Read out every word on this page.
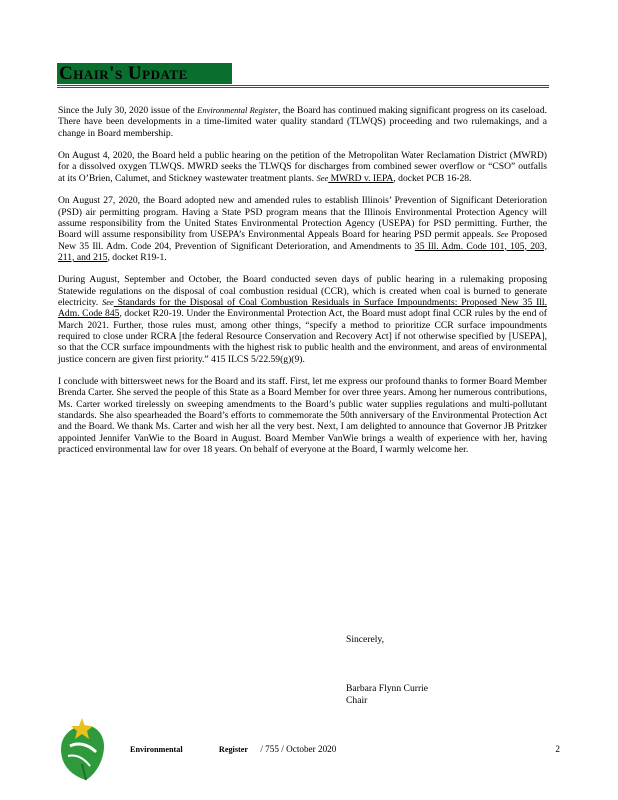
Chair's Update

Since the July 30, 2020 issue of the Environmental Register, the Board has continued making significant progress on its caseload. There have been developments in a time-limited water quality standard (TLWQS) proceeding and two rulemakings, and a change in Board membership.

On August 4, 2020, the Board held a public hearing on the petition of the Metropolitan Water Reclamation District (MWRD) for a dissolved oxygen TLWQS. MWRD seeks the TLWQS for discharges from combined sewer overflow or “CSO” outfalls at its O’Brien, Calumet, and Stickney wastewater treatment plants. See MWRD v. IEPA, docket PCB 16-28.

On August 27, 2020, the Board adopted new and amended rules to establish Illinois’ Prevention of Significant Deterioration (PSD) air permitting program. Having a State PSD program means that the Illinois Environmental Protection Agency will assume responsibility from the United States Environmental Protection Agency (USEPA) for PSD permitting. Further, the Board will assume responsibility from USEPA’s Environmental Appeals Board for hearing PSD permit appeals. See Proposed New 35 Ill. Adm. Code 204, Prevention of Significant Deterioration, and Amendments to 35 Ill. Adm. Code 101, 105, 203, 211, and 215, docket R19-1.

During August, September and October, the Board conducted seven days of public hearing in a rulemaking proposing Statewide regulations on the disposal of coal combustion residual (CCR), which is created when coal is burned to generate electricity. See Standards for the Disposal of Coal Combustion Residuals in Surface Impoundments: Proposed New 35 Ill. Adm. Code 845, docket R20-19. Under the Environmental Protection Act, the Board must adopt final CCR rules by the end of March 2021. Further, those rules must, among other things, “specify a method to prioritize CCR surface impoundments required to close under RCRA [the federal Resource Conservation and Recovery Act] if not otherwise specified by [USEPA], so that the CCR surface impoundments with the highest risk to public health and the environment, and areas of environmental justice concern are given first priority.” 415 ILCS 5/22.59(g)(9).

I conclude with bittersweet news for the Board and its staff. First, let me express our profound thanks to former Board Member Brenda Carter. She served the people of this State as a Board Member for over three years. Among her numerous contributions, Ms. Carter worked tirelessly on sweeping amendments to the Board’s public water supplies regulations and multi-pollutant standards. She also spearheaded the Board’s efforts to commemorate the 50th anniversary of the Environmental Protection Act and the Board. We thank Ms. Carter and wish her all the very best. Next, I am delighted to announce that Governor JB Pritzker appointed Jennifer VanWie to the Board in August. Board Member VanWie brings a wealth of experience with her, having practiced environmental law for over 18 years. On behalf of everyone at the Board, I warmly welcome her.

Sincerely,
Barbara Flynn Currie
Chair
Environmental	Register / 755 / October 2020	2
